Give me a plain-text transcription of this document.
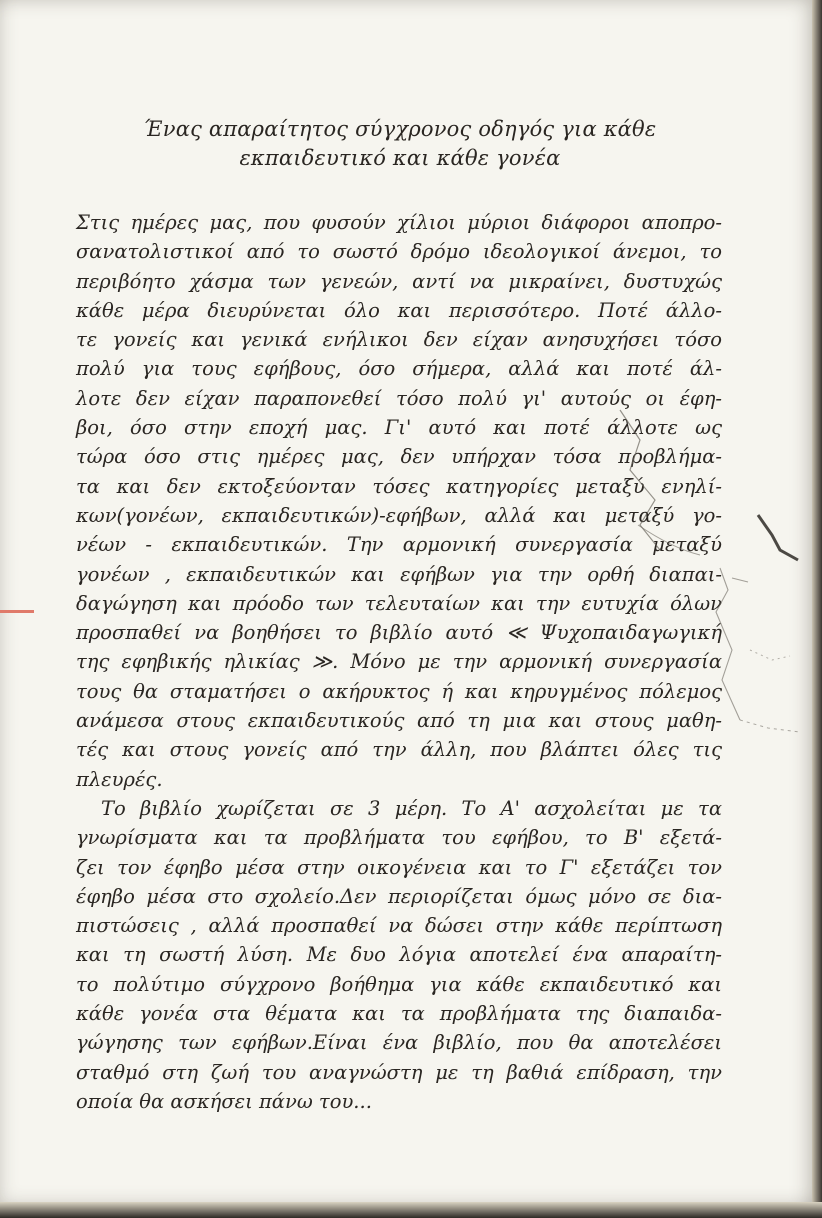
Ένας απαραίτητος σύγχρονος οδηγός για κάθε
εκπαιδευτικό και κάθε γονέα
Στις ημέρες μας, που φυσούν χίλιοι μύριοι διάφοροι αποπρο-
σανατολιστικοί από το σωστό δρόμο ιδεολογικοί άνεμοι, το
περιβόητο χάσμα των γενεών, αντί να μικραίνει, δυστυχώς
κάθε μέρα διευρύνεται όλο και περισσότερο. Ποτέ άλλο-
τε γονείς και γενικά ενήλικοι δεν είχαν ανησυχήσει τόσο
πολύ για τους εφήβους, όσο σήμερα, αλλά και ποτέ άλ-
λοτε δεν είχαν παραπονεθεί τόσο πολύ γι' αυτούς οι έφη-
βοι, όσο στην εποχή μας. Γι' αυτό και ποτέ άλλοτε ως
τώρα όσο στις ημέρες μας, δεν υπήρχαν τόσα προβλήμα-
τα και δεν εκτοξεύονταν τόσες κατηγορίες μεταξύ ενηλί-
κων(γονέων, εκπαιδευτικών)-εφήβων, αλλά και μεταξύ γο-
νέων - εκπαιδευτικών. Την αρμονική συνεργασία μεταξύ
γονέων , εκπαιδευτικών και εφήβων για την ορθή διαπαι-
δαγώγηση και πρόοδο των τελευταίων και την ευτυχία όλων
προσπαθεί να βοηθήσει το βιβλίο αυτό ≪ Ψυχοπαιδαγωγική
της εφηβικής ηλικίας ≫. Μόνο με την αρμονική συνεργασία
τους θα σταματήσει ο ακήρυκτος ή και κηρυγμένος πόλεμος
ανάμεσα στους εκπαιδευτικούς από τη μια και στους μαθη-
τές και στους γονείς από την άλλη, που βλάπτει όλες τις
πλευρές.
Το βιβλίο χωρίζεται σε 3 μέρη. Το Α' ασχολείται με τα
γνωρίσματα και τα προβλήματα του εφήβου, το Β' εξετά-
ζει τον έφηβο μέσα στην οικογένεια και το Γ' εξετάζει τον
έφηβο μέσα στο σχολείο.Δεν περιορίζεται όμως μόνο σε δια-
πιστώσεις , αλλά προσπαθεί να δώσει στην κάθε περίπτωση
και τη σωστή λύση. Με δυο λόγια αποτελεί ένα απαραίτη-
το πολύτιμο σύγχρονο βοήθημα για κάθε εκπαιδευτικό και
κάθε γονέα στα θέματα και τα προβλήματα της διαπαιδα-
γώγησης των εφήβων.Είναι ένα βιβλίο, που θα αποτελέσει
σταθμό στη ζωή του αναγνώστη με τη βαθιά επίδραση, την
οποία θα ασκήσει πάνω του...
